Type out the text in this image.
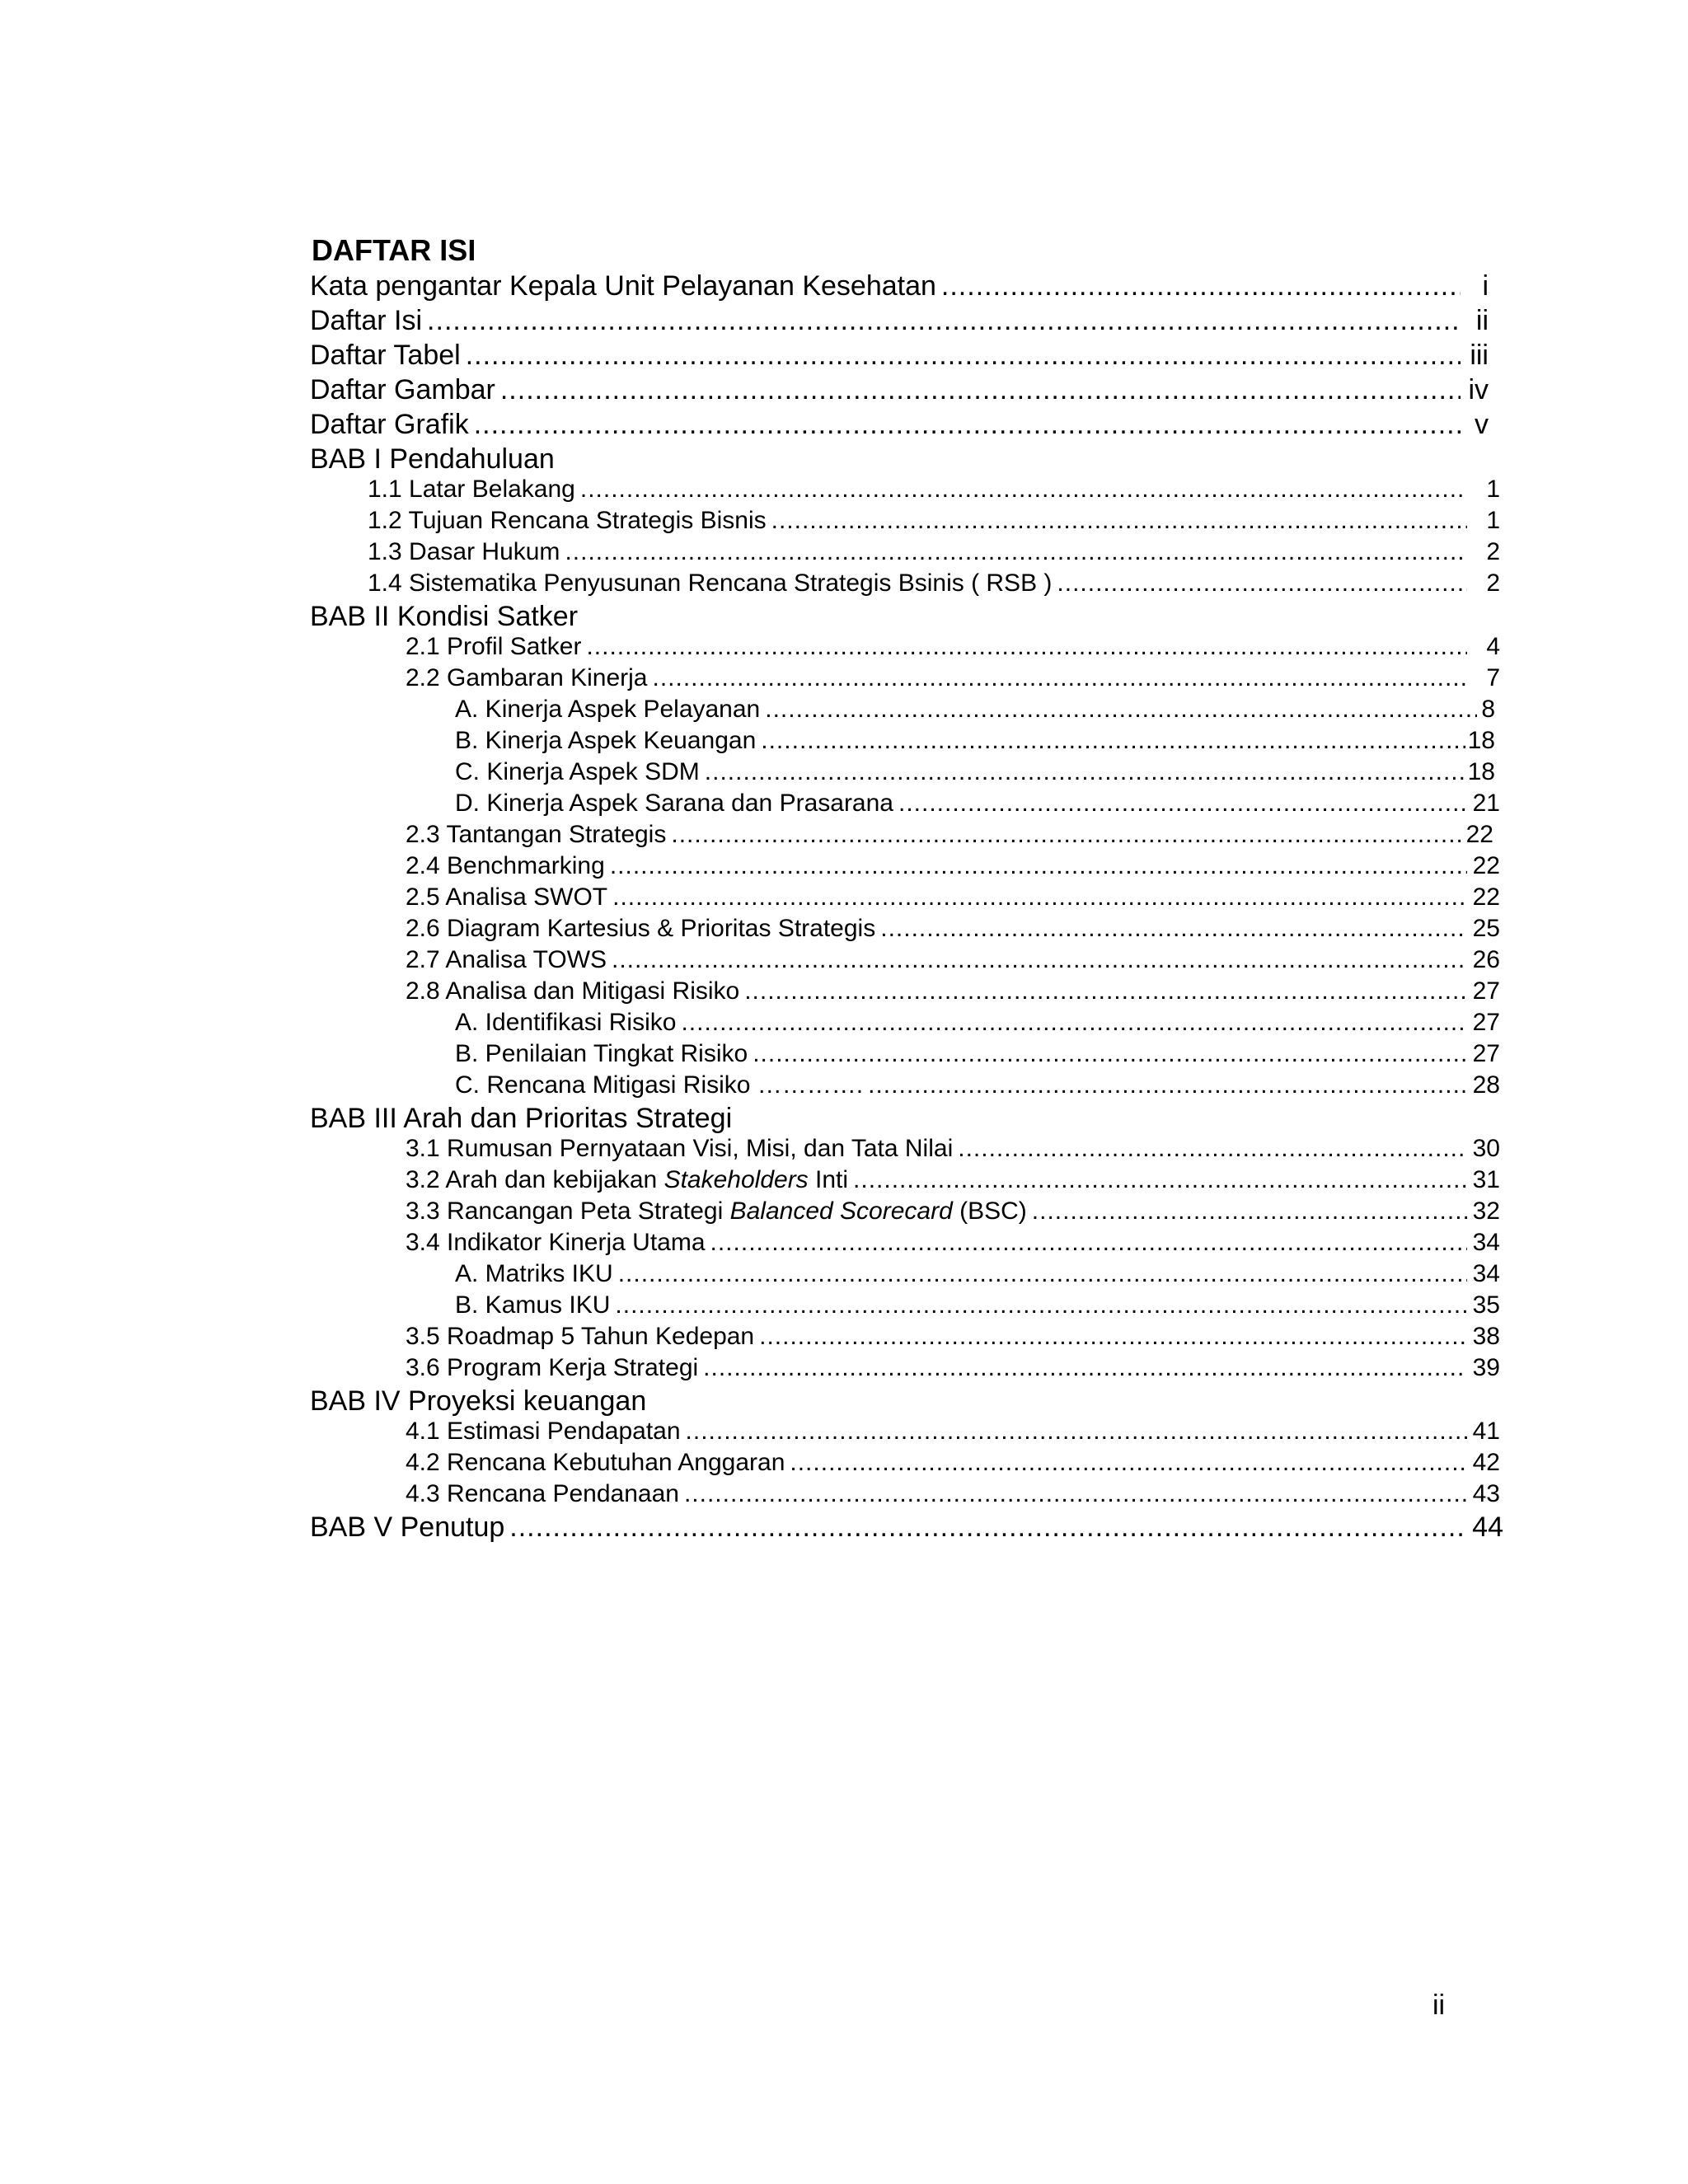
DAFTAR ISI
Kata pengantar Kepala Unit Pelayanan Kesehatan .....	i
Daftar Isi .....	ii
Daftar Tabel .....	iii
Daftar Gambar .....	iv
Daftar Grafik .....	v
BAB I Pendahuluan
1.1 Latar Belakang .....	1
1.2 Tujuan Rencana Strategis Bisnis .....	1
1.3 Dasar Hukum .....	2
1.4 Sistematika Penyusunan Rencana Strategis Bsinis ( RSB ) .....	2
BAB II Kondisi Satker
2.1 Profil Satker .....	4
2.2 Gambaran Kinerja .....	7
A. Kinerja Aspek Pelayanan .....	8
B. Kinerja Aspek Keuangan .....	18
C. Kinerja Aspek SDM .....	18
D. Kinerja Aspek Sarana dan Prasarana .....	21
2.3 Tantangan Strategis .....	22
2.4 Benchmarking .....	22
2.5 Analisa SWOT .....	22
2.6 Diagram Kartesius & Prioritas Strategis .....	25
2.7 Analisa TOWS .....	26
2.8 Analisa dan Mitigasi Risiko .....	27
A. Identifikasi Risiko .....	27
B. Penilaian Tingkat Risiko .....	27
C. Rencana Mitigasi Risiko …………. .....	28
BAB III Arah dan Prioritas Strategi
3.1 Rumusan Pernyataan Visi, Misi, dan Tata Nilai .....	30
3.2 Arah dan kebijakan Stakeholders Inti .....	31
3.3 Rancangan Peta Strategi Balanced Scorecard (BSC) .....	32
3.4 Indikator Kinerja Utama .....	34
A. Matriks IKU .....	34
B. Kamus IKU .....	35
3.5 Roadmap 5 Tahun Kedepan .....	38
3.6 Program Kerja Strategi .....	39
BAB IV Proyeksi keuangan
4.1 Estimasi Pendapatan .....	41
4.2 Rencana Kebutuhan Anggaran .....	42
4.3 Rencana Pendanaan .....	43
BAB V Penutup .....	44
ii
